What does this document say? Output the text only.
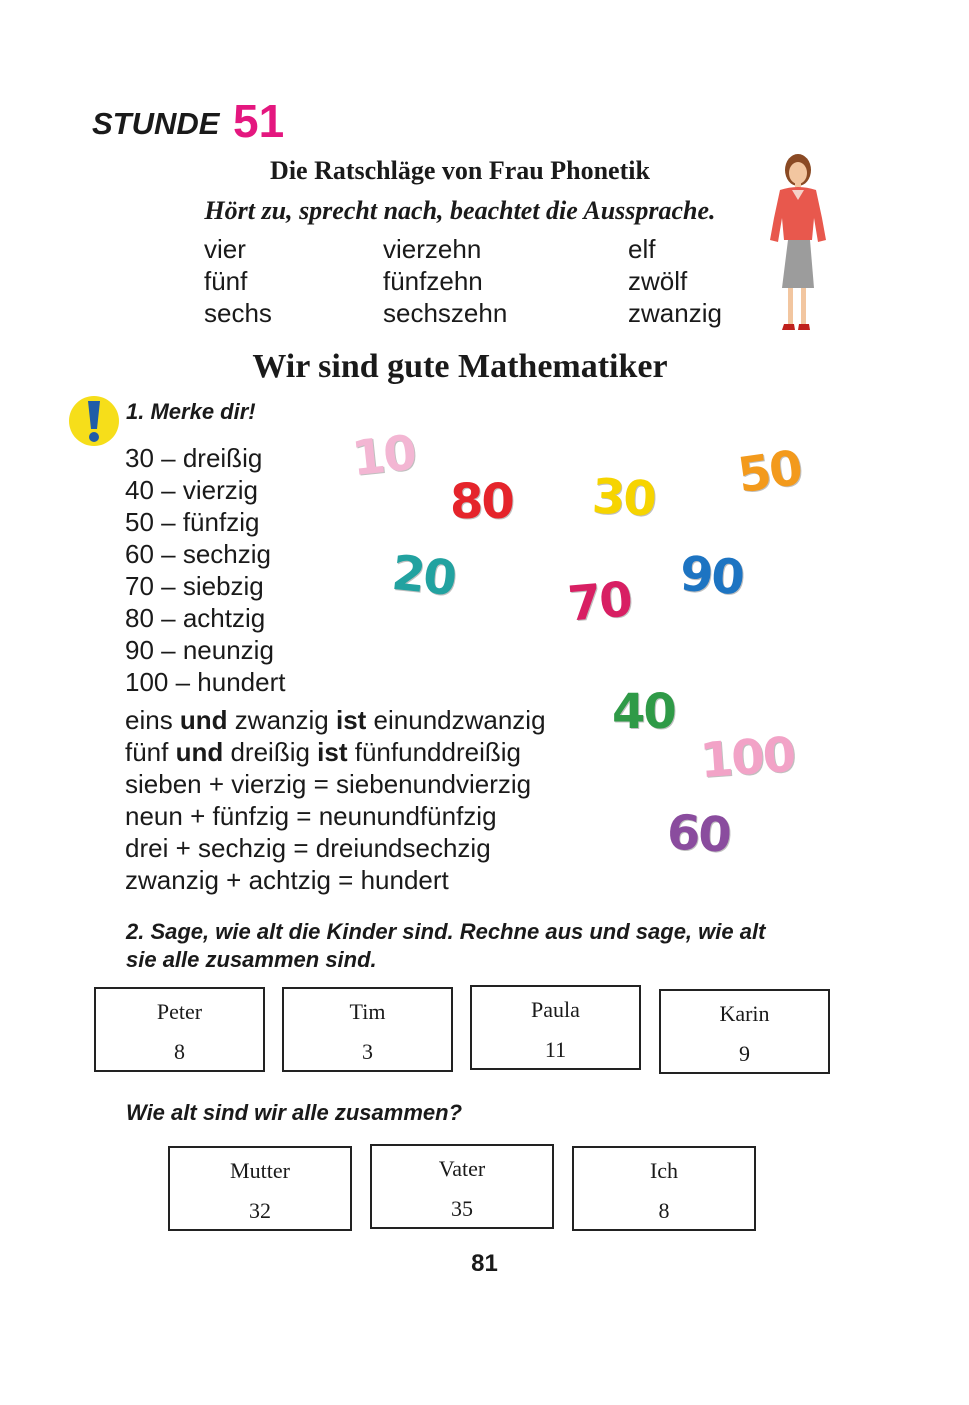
STUNDE 51
Die Ratschläge von Frau Phonetik
Hört zu, sprecht nach, beachtet die Aussprache.
vier
fünf
sechs
vierzehn
fünfzehn
sechszehn
elf
zwölf
zwanzig
Wir sind gute Mathematiker
1. Merke dir!
30 – dreißig
40 – vierzig
50 – fünfzig
60 – sechzig
70 – siebzig
80 – achtzig
90 – neunzig
100 – hundert
eins und zwanzig ist einundzwanzig
fünf und dreißig ist fünfunddreißig
sieben + vierzig = siebenundvierzig
neun + fünfzig = neunundfünfzig
drei + sechzig = dreiundsechzig
zwanzig + achtzig = hundert
10
80 30 50
20 70 90
40
100
60
2. Sage, wie alt die Kinder sind. Rechne aus und sage, wie alt
sie alle zusammen sind.
Peter
8
Tim
3
Paula
11
Karin
9
Wie alt sind wir alle zusammen?
Mutter
32
Vater
35
Ich
8
81
